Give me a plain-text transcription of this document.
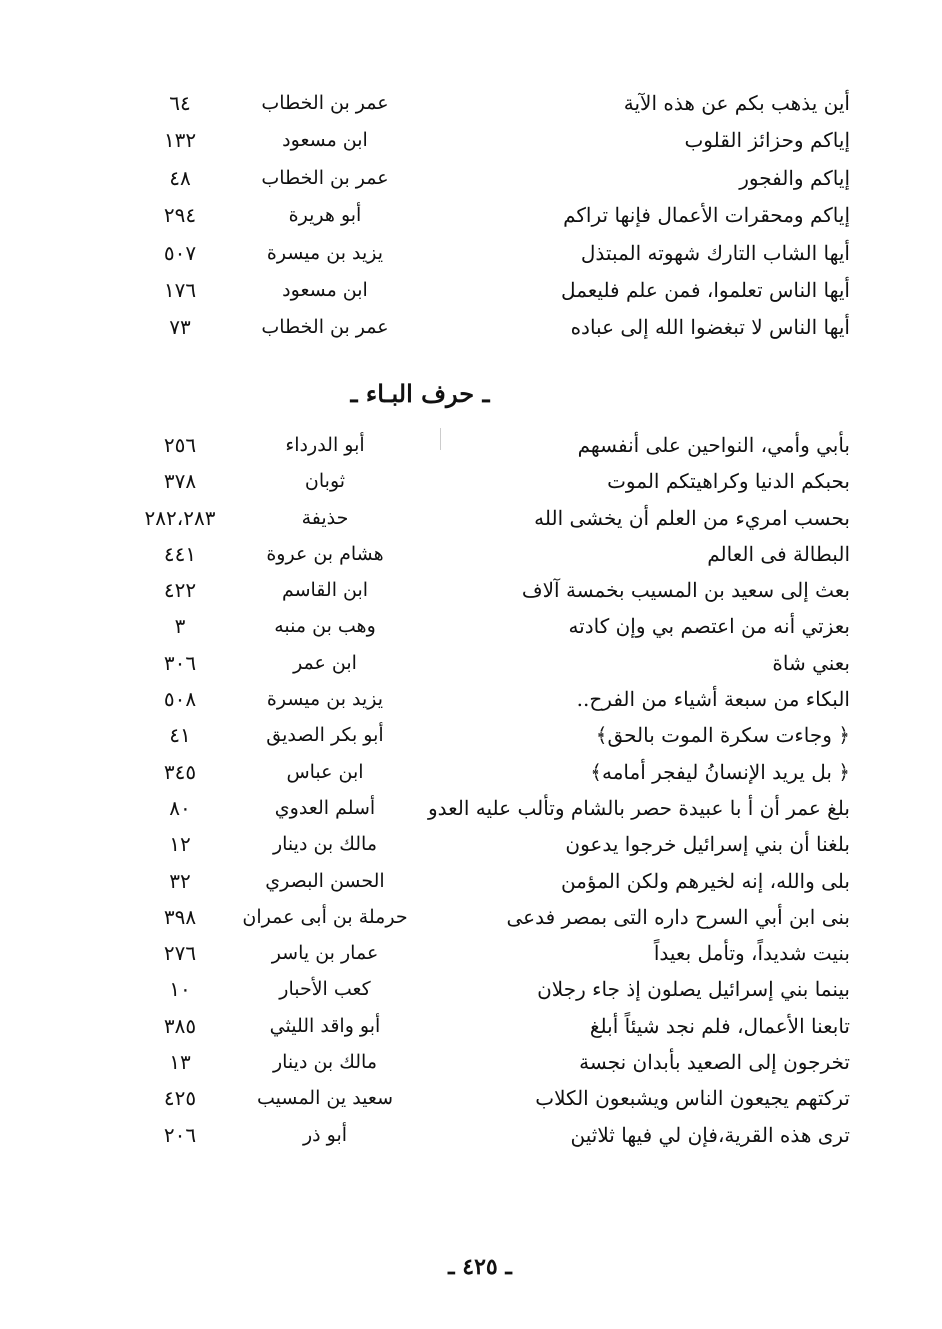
أين يذهب بكم عن هذه الآية
عمر بن الخطاب
٦٤
إياكم وحزائز القلوب
ابن مسعود
١٣٢
إياكم والفجور
عمر بن الخطاب
٤٨
إياكم ومحقرات الأعمال فإنها تراكم
أبو هريرة
٢٩٤
أيها الشاب التارك شهوته المبتذل
يزيد بن ميسرة
٥٠٧
أيها الناس تعلموا، فمن علم فليعمل
ابن مسعود
١٧٦
أيها الناس لا تبغضوا الله إلى عباده
عمر بن الخطاب
٧٣
ـ حرف البـاء ـ
بأبي وأمي، النواحين على أنفسهم
أبو الدرداء
٢٥٦
بحبكم الدنيا وكراهيتكم الموت
ثوبان
٣٧٨
بحسب امريء من العلم أن يخشى الله
حذيفة
٢٨٢،٢٨٣
البطالة فى العالم
هشام بن عروة
٤٤١
بعث إلى سعيد بن المسيب بخمسة آلاف
ابن القاسم
٤٢٢
بعزتي أنه من اعتصم بي وإن كادته
وهب بن منبه
٣
بعني شاة
ابن عمر
٣٠٦
البكاء من سبعة أشياء من الفرح..
يزيد بن ميسرة
٥٠٨
﴿ وجاءت سكرة الموت بالحق﴾
أبو بكر الصديق
٤١
﴿ بل يريد الإنسانُ ليفجر أمامه﴾
ابن عباس
٣٤٥
بلغ عمر أن أ با عبيدة حصر بالشام وتألب عليه العدو
أسلم العدوي
٨٠
بلغنا أن بني إسرائيل خرجوا يدعون
مالك بن دينار
١٢
بلى والله، إنه لخيرهم ولكن المؤمن
الحسن البصري
٣٢
بنى ابن أبي السرح داره التى بمصر فدعى
حرملة بن أبى عمران
٣٩٨
بنيت شديداً، وتأمل بعيداً
عمار بن ياسر
٢٧٦
بينما بني إسرائيل يصلون إذ جاء رجلان
كعب الأحبار
١٠
تابعنا الأعمال، فلم نجد شيئاً أبلغ
أبو واقد الليثي
٣٨٥
تخرجون إلى الصعيد بأبدان نجسة
مالك بن دينار
١٣
تركتهم يجيعون الناس ويشبعون الكلاب
سعيد ين المسيب
٤٢٥
ترى هذه القرية،فإن لي فيها ثلاثين
أبو ذر
٢٠٦
ـ ٤٢٥ ـ
